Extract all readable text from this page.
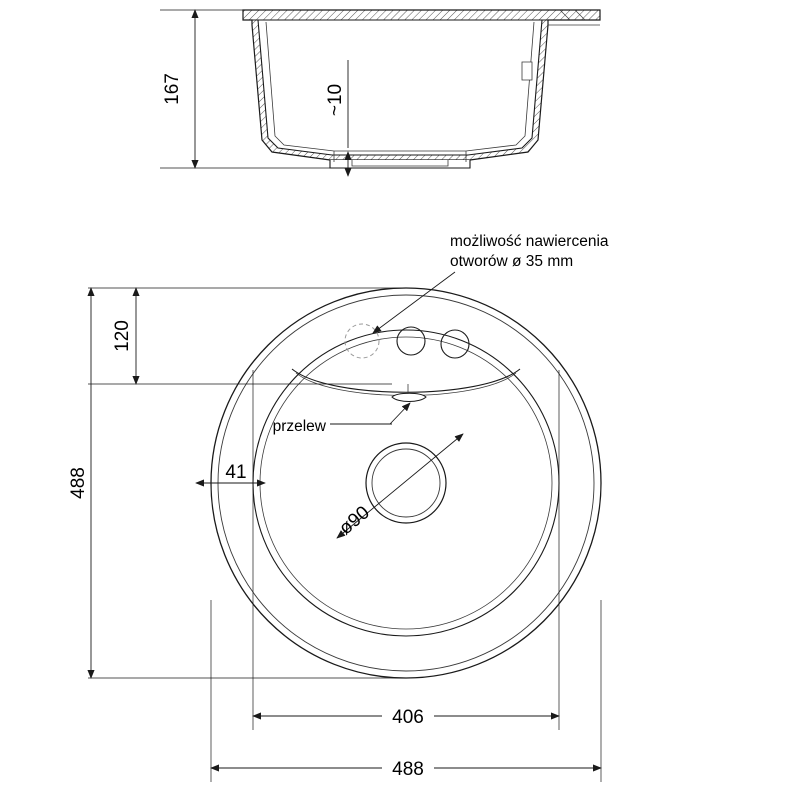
167	~10
ø90
41
120
488
406
488
możliwość nawiercenia
otworów ø 35 mm
przelew
